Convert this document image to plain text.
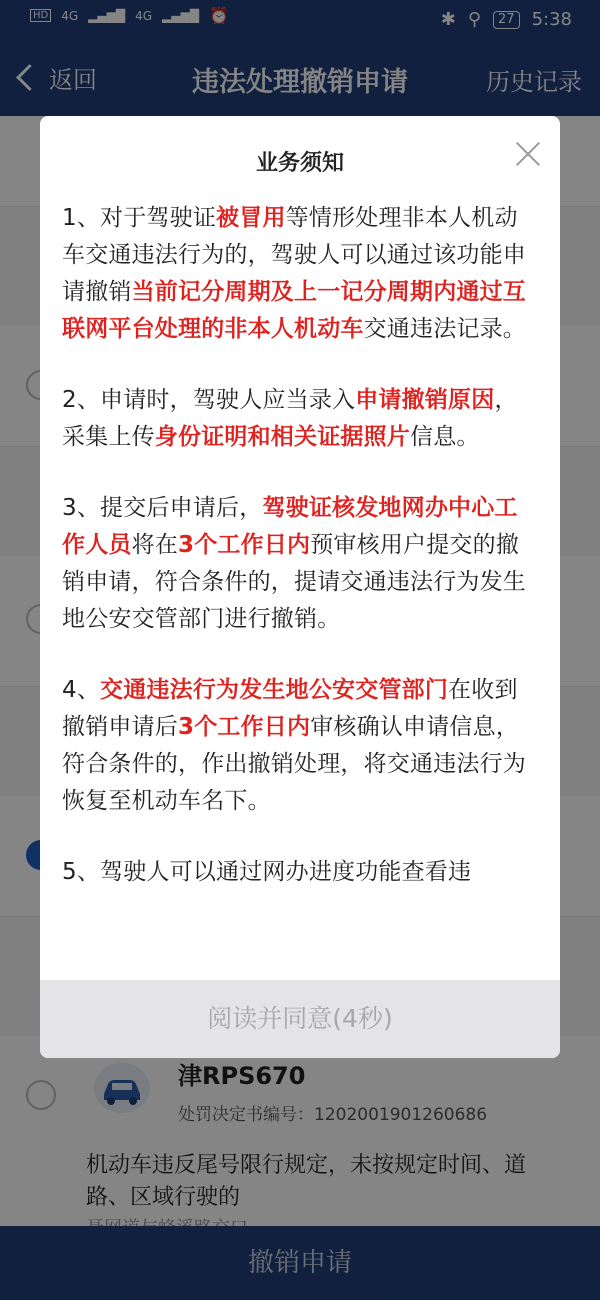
HD 4G ▂▄▆█ 4G ▂▄▆█ ⏰	✱ ⚲	27 5:38
返回	违法处理撤销申请	历史记录
津RPS670
处罚决定书编号：1202001901260686
机动车违反尾号限行规定，未按规定时间、道路、区域行驶的
撤销申请
业务须知

1、对于驾驶证被冒用等情形处理非本人机动车交通违法行为的，驾驶人可以通过该功能申请撤销当前记分周期及上一记分周期内通过互联网平台处理的非本人机动车交通违法记录。

2、申请时，驾驶人应当录入申请撤销原因，采集上传身份证明和相关证据照片信息。

3、提交后申请后，驾驶证核发地网办中心工作人员将在3个工作日内预审核用户提交的撤销申请，符合条件的，提请交通违法行为发生地公安交管部门进行撤销。

4、交通违法行为发生地公安交管部门在收到撤销申请后3个工作日内审核确认申请信息，符合条件的，作出撤销处理，将交通违法行为恢复至机动车名下。

5、驾驶人可以通过网办进度功能查看违

阅读并同意(4秒)
